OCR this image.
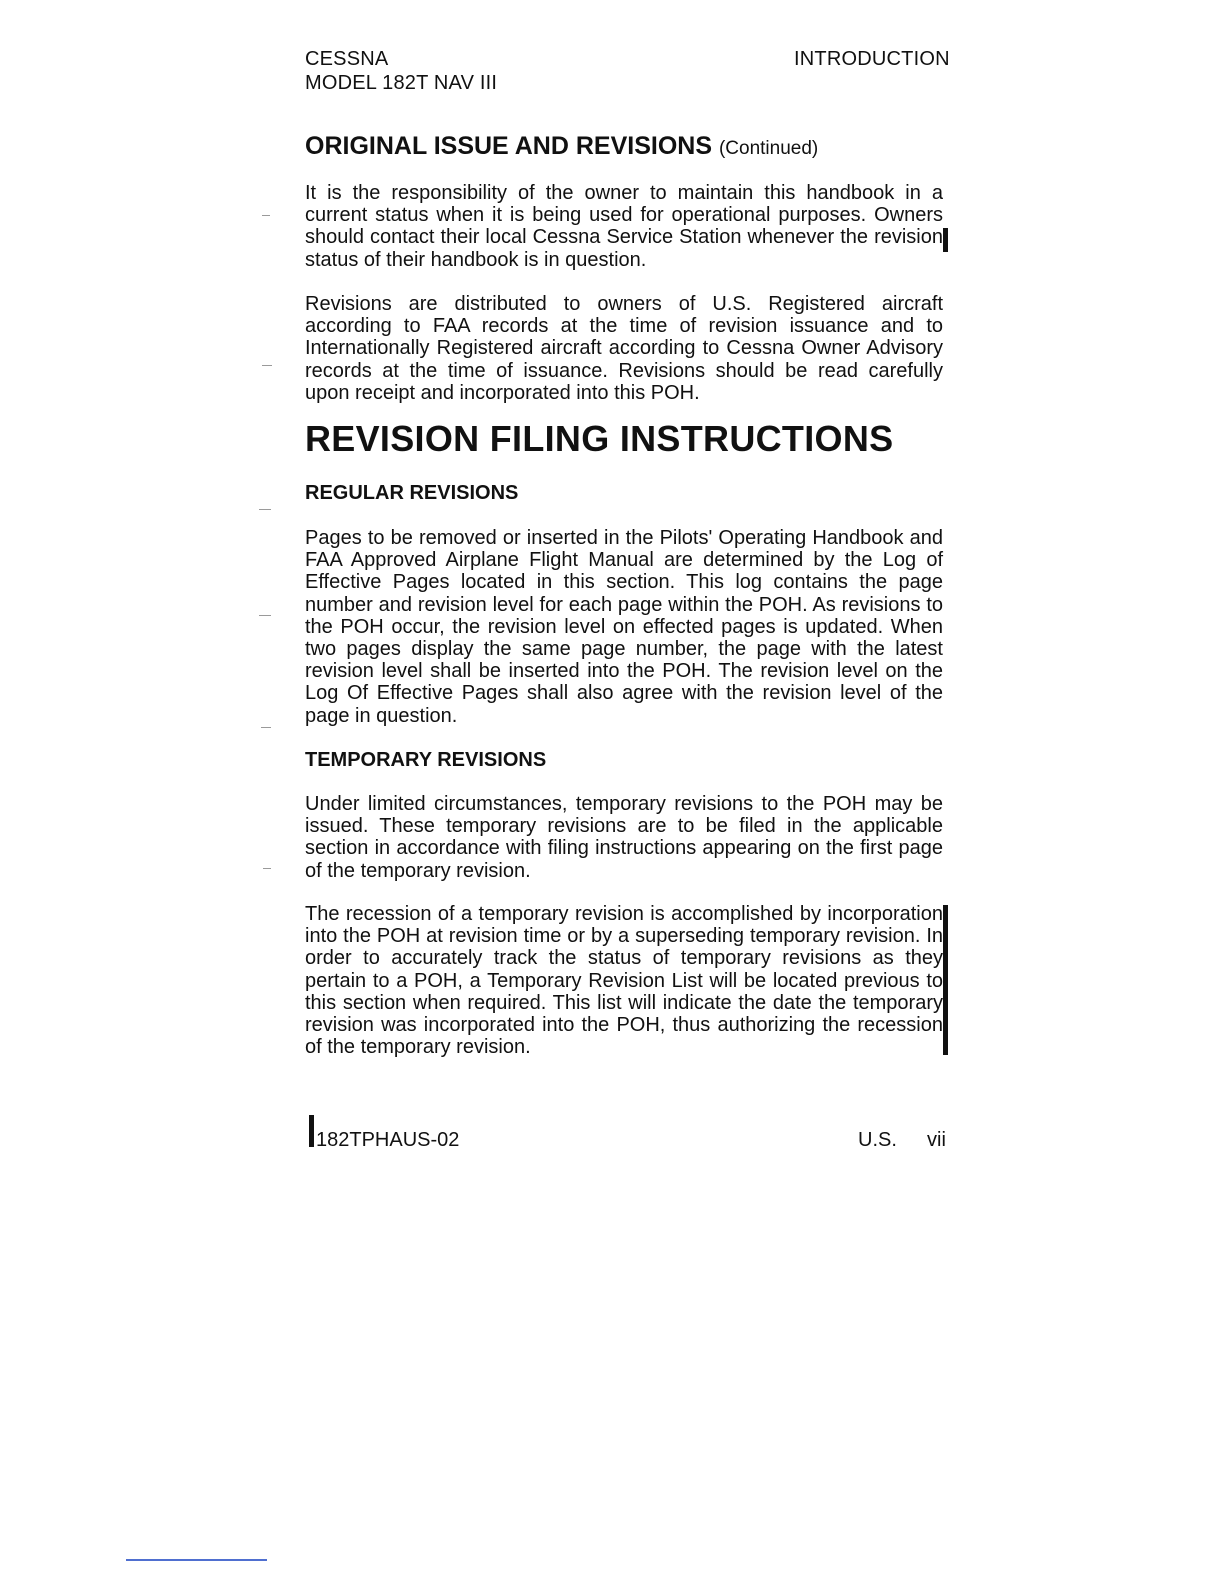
CESSNA
MODEL 182T NAV III
INTRODUCTION
ORIGINAL ISSUE AND REVISIONS (Continued)

It is the responsibility of the owner to maintain this handbook in a current status when it is being used for operational purposes. Owners should contact their local Cessna Service Station whenever the revision status of their handbook is in question.

Revisions are distributed to owners of U.S. Registered aircraft according to FAA records at the time of revision issuance and to Internationally Registered aircraft according to Cessna Owner Advisory records at the time of issuance. Revisions should be read carefully upon receipt and incorporated into this POH.

REVISION FILING INSTRUCTIONS
REGULAR REVISIONS

Pages to be removed or inserted in the Pilots' Operating Handbook and FAA Approved Airplane Flight Manual are determined by the Log of Effective Pages located in this section. This log contains the page number and revision level for each page within the POH. As revisions to the POH occur, the revision level on effected pages is updated. When two pages display the same page number, the page with the latest revision level shall be inserted into the POH. The revision level on the Log Of Effective Pages shall also agree with the revision level of the page in question.

TEMPORARY REVISIONS

Under limited circumstances, temporary revisions to the POH may be issued. These temporary revisions are to be filed in the applicable section in accordance with filing instructions appearing on the first page of the temporary revision.

The recession of a temporary revision is accomplished by incorporation into the POH at revision time or by a superseding temporary revision. In order to accurately track the status of temporary revisions as they pertain to a POH, a Temporary Revision List will be located previous to this section when required. This list will indicate the date the temporary revision was incorporated into the POH, thus authorizing the recession of the temporary revision.

182TPHAUS-02	U.S. vii
